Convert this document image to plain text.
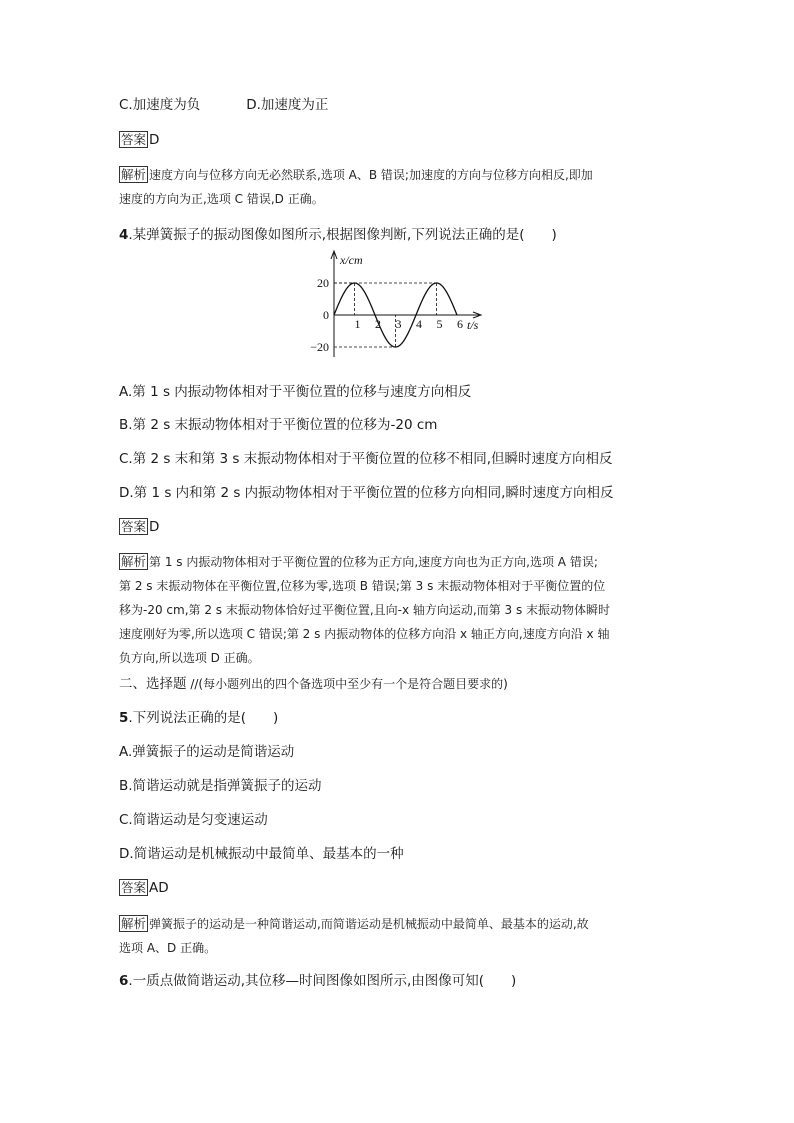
C.加速度为负	D.加速度为正
答案 D
解析 速度方向与位移方向无必然联系,选项 A、B 错误;加速度的方向与位移方向相反,即加
速度的方向为正,选项 C 错误,D 正确。
4.某弹簧振子的振动图像如图所示,根据图像判断,下列说法正确的是(　　)
1 2 3 4 5 6
20
0
−20
x/cm
t/s
A.第 1 s 内振动物体相对于平衡位置的位移与速度方向相反
B.第 2 s 末振动物体相对于平衡位置的位移为-20 cm
C.第 2 s 末和第 3 s 末振动物体相对于平衡位置的位移不相同,但瞬时速度方向相反
D.第 1 s 内和第 2 s 内振动物体相对于平衡位置的位移方向相同,瞬时速度方向相反
答案 D
解析 第 1 s 内振动物体相对于平衡位置的位移为正方向,速度方向也为正方向,选项 A 错误;
第 2 s 末振动物体在平衡位置,位移为零,选项 B 错误;第 3 s 末振动物体相对于平衡位置的位
移为-20 cm,第 2 s 末振动物体恰好过平衡位置,且向-x 轴方向运动,而第 3 s 末振动物体瞬时
速度刚好为零,所以选项 C 错误;第 2 s 内振动物体的位移方向沿 x 轴正方向,速度方向沿 x 轴
负方向,所以选项 D 正确。
二、选择题 //(每小题列出的四个备选项中至少有一个是符合题目要求的)
5.下列说法正确的是(　　)
A.弹簧振子的运动是简谐运动
B.简谐运动就是指弹簧振子的运动
C.简谐运动是匀变速运动
D.简谐运动是机械振动中最简单、最基本的一种
答案 AD
解析 弹簧振子的运动是一种简谐运动,而简谐运动是机械振动中最简单、最基本的运动,故
选项 A、D 正确。
6.一质点做简谐运动,其位移—时间图像如图所示,由图像可知(　　)
